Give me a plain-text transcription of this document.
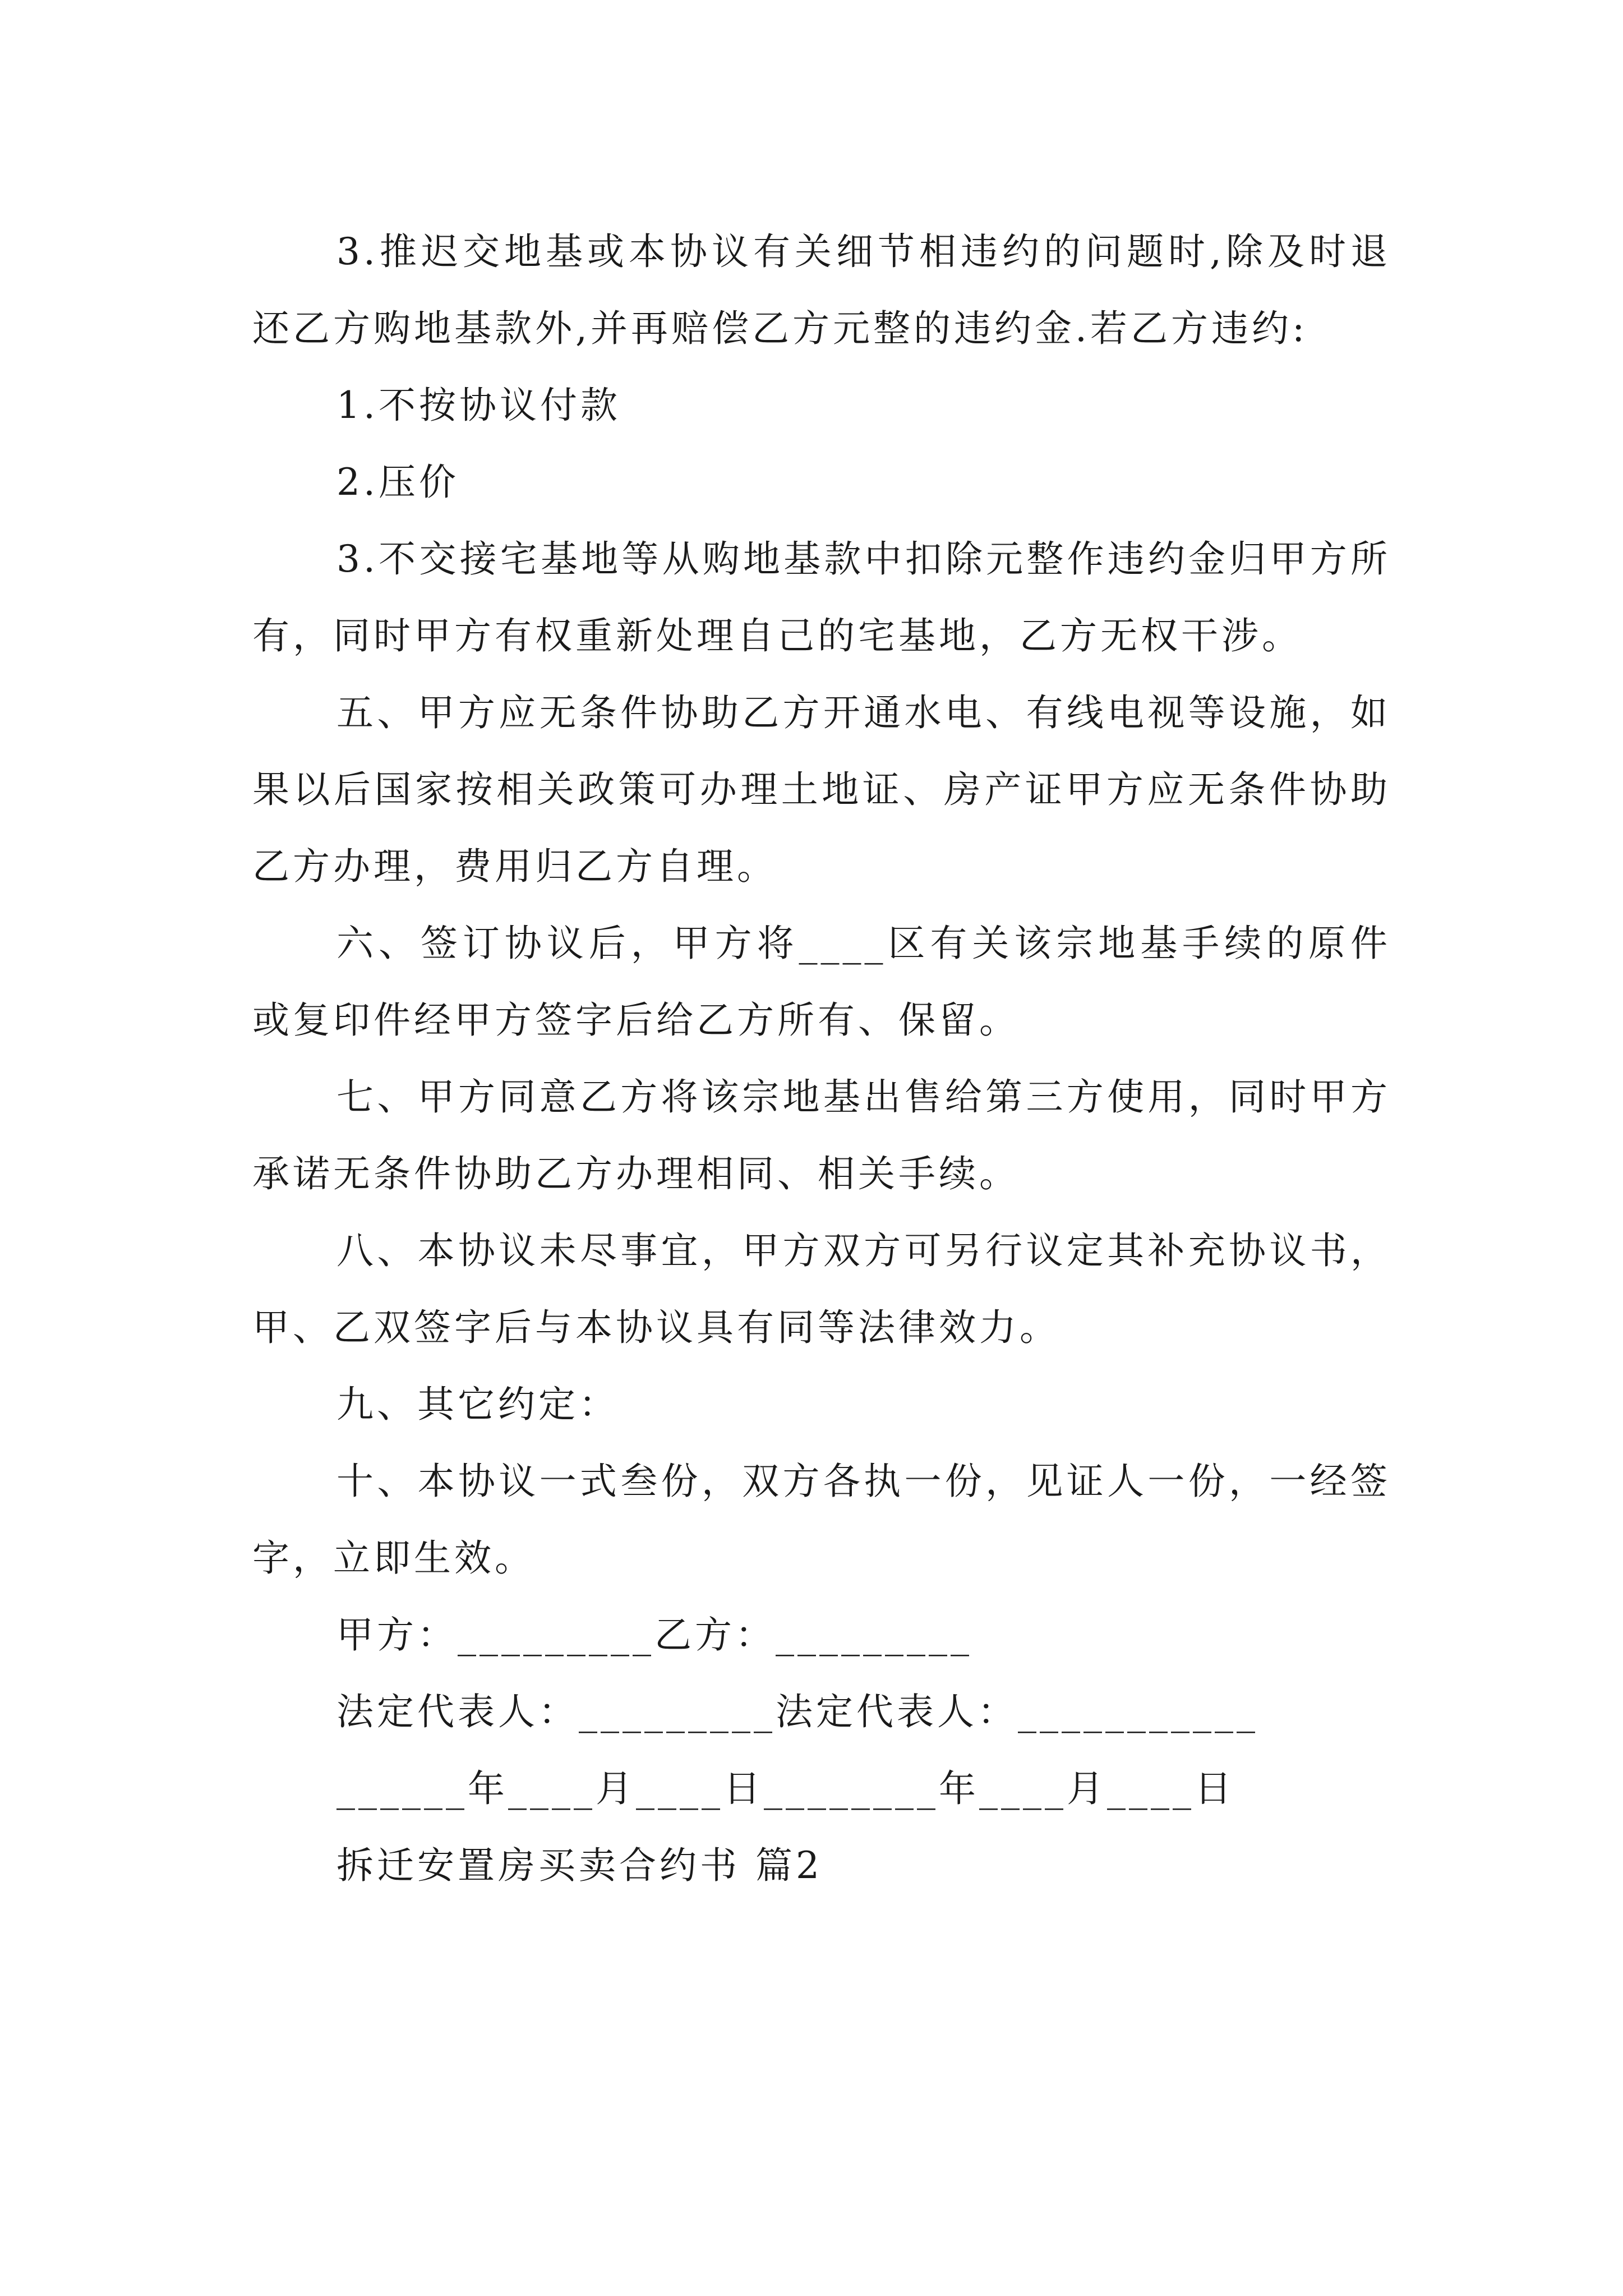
3.推迟交地基或本协议有关细节相违约的问题时,除及时退还乙方购地基款外,并再赔偿乙方元整的违约金.若乙方违约:

1.不按协议付款

2.压价

3.不交接宅基地等从购地基款中扣除元整作违约金归甲方所有，同时甲方有权重新处理自己的宅基地，乙方无权干涉。

五、甲方应无条件协助乙方开通水电、有线电视等设施，如果以后国家按相关政策可办理土地证、房产证甲方应无条件协助乙方办理，费用归乙方自理。

六、签订协议后，甲方将____区有关该宗地基手续的原件或复印件经甲方签字后给乙方所有、保留。

七、甲方同意乙方将该宗地基出售给第三方使用，同时甲方承诺无条件协助乙方办理相同、相关手续。

八、本协议未尽事宜，甲方双方可另行议定其补充协议书，甲、乙双签字后与本协议具有同等法律效力。

九、其它约定：

十、本协议一式叁份，双方各执一份，见证人一份，一经签字，立即生效。

甲方：_________乙方：_________

法定代表人：_________法定代表人：___________

______年____月____日________年____月____日

拆迁安置房买卖合约书 篇2
